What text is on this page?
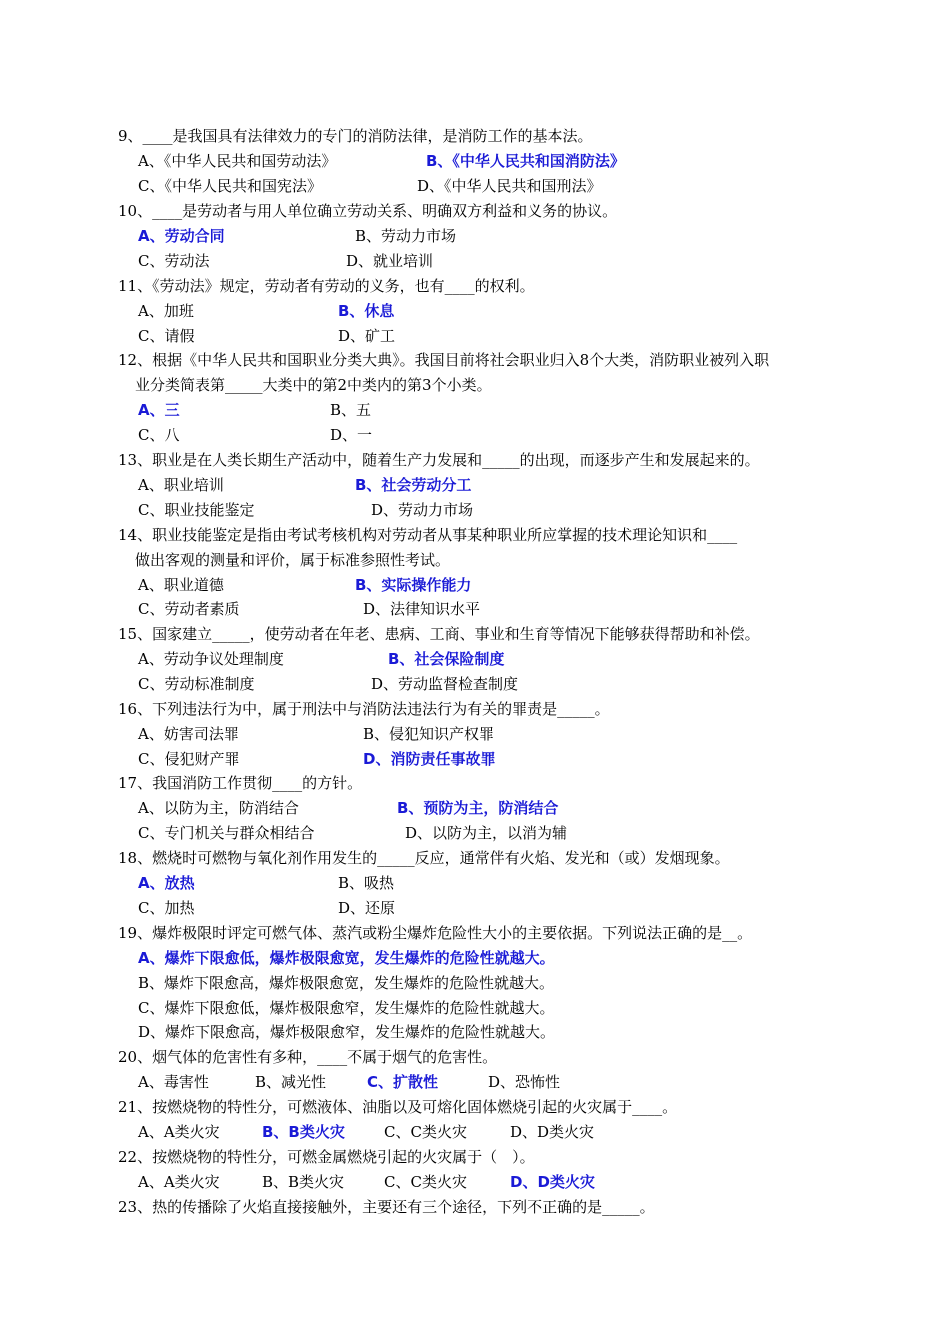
9、____是我国具有法律效力的专门的消防法律，是消防工作的基本法。
A、《中华人民共和国劳动法》	B、《中华人民共和国消防法》
C、《中华人民共和国宪法》	D、《中华人民共和国刑法》
10、____是劳动者与用人单位确立劳动关系、明确双方利益和义务的协议。
A、劳动合同	B、劳动力市场
C、劳动法	D、就业培训
11、《劳动法》规定，劳动者有劳动的义务，也有____的权利。
A、加班	B、休息
C、请假	D、矿工
12、根据《中华人民共和国职业分类大典》。我国目前将社会职业归入8个大类，消防职业被列入职
业分类简表第_____大类中的第2中类内的第3个小类。
A、三	B、五
C、八	D、一
13、职业是在人类长期生产活动中，随着生产力发展和_____的出现，而逐步产生和发展起来的。
A、职业培训	B、社会劳动分工
C、职业技能鉴定	D、劳动力市场
14、职业技能鉴定是指由考试考核机构对劳动者从事某种职业所应掌握的技术理论知识和____
做出客观的测量和评价，属于标准参照性考试。
A、职业道德	B、实际操作能力
C、劳动者素质	D、法律知识水平
15、国家建立_____，使劳动者在年老、患病、工商、事业和生育等情况下能够获得帮助和补偿。
A、劳动争议处理制度	B、社会保险制度
C、劳动标准制度	D、劳动监督检查制度
16、下列违法行为中，属于刑法中与消防法违法行为有关的罪责是_____。
A、妨害司法罪	B、侵犯知识产权罪
C、侵犯财产罪	D、消防责任事故罪
17、我国消防工作贯彻____的方针。
A、以防为主，防消结合	B、预防为主，防消结合
C、专门机关与群众相结合	D、以防为主，以消为辅
18、燃烧时可燃物与氧化剂作用发生的_____反应，通常伴有火焰、发光和（或）发烟现象。
A、放热	B、吸热
C、加热	D、还原
19、爆炸极限时评定可燃气体、蒸汽或粉尘爆炸危险性大小的主要依据。下列说法正确的是__。
A、爆炸下限愈低，爆炸极限愈宽，发生爆炸的危险性就越大。
B、爆炸下限愈高，爆炸极限愈宽，发生爆炸的危险性就越大。
C、爆炸下限愈低，爆炸极限愈窄，发生爆炸的危险性就越大。
D、爆炸下限愈高，爆炸极限愈窄，发生爆炸的危险性就越大。
20、烟气体的危害性有多种，____不属于烟气的危害性。
A、毒害性	B、减光性	C、扩散性	D、恐怖性
21、按燃烧物的特性分，可燃液体、油脂以及可熔化固体燃烧引起的火灾属于____。
A、A类火灾	B、B类火灾	C、C类火灾	D、D类火灾
22、按燃烧物的特性分，可燃金属燃烧引起的火灾属于（　）。
A、A类火灾	B、B类火灾	C、C类火灾	D、D类火灾
23、热的传播除了火焰直接接触外，主要还有三个途径，下列不正确的是_____。
